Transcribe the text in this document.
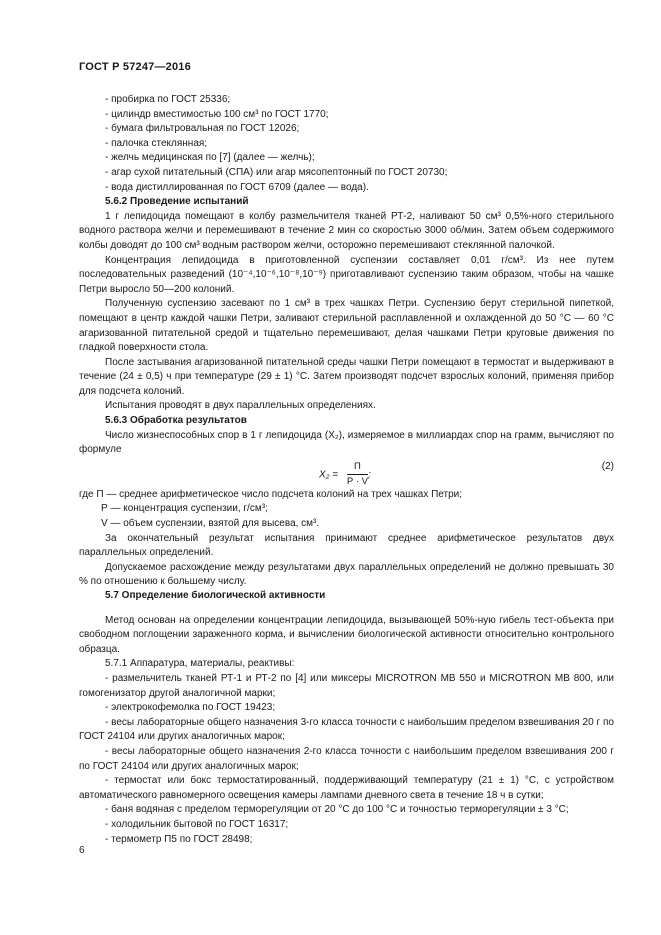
ГОСТ Р 57247—2016

- пробирка по ГОСТ 25336;

- цилиндр вместимостью 100 см³ по ГОСТ 1770;

- бумага фильтровальная по ГОСТ 12026;

- палочка стеклянная;

- желчь медицинская по [7] (далее — желчь);

- агар сухой питательный (СПА) или агар мясопептонный по ГОСТ 20730;

- вода дистиллированная по ГОСТ 6709 (далее — вода).

5.6.2 Проведение испытаний

1 г лепидоцида помещают в колбу размельчителя тканей РТ-2, наливают 50 см³ 0,5%-ного стерильного водного раствора желчи и перемешивают в течение 2 мин со скоростью 3000 об/мин. Затем объем содержимого колбы доводят до 100 см³ водным раствором желчи, осторожно перемешивают стеклянной палочкой.

Концентрация лепидоцида в приготовленной суспензии составляет 0,01 г/см³. Из нее путем последовательных разведений (10⁻⁴,10⁻⁶,10⁻⁸,10⁻⁹) приготавливают суспензию таким образом, чтобы на чашке Петри выросло 50—200 колоний.

Полученную суспензию засевают по 1 см³ в трех чашках Петри. Суспензию берут стерильной пипеткой, помещают в центр каждой чашки Петри, заливают стерильной расплавленной и охлажденной до 50 °С — 60 °С агаризованной питательной средой и тщательно перемешивают, делая чашками Петри круговые движения по гладкой поверхности стола.

После застывания агаризованной питательной среды чашки Петри помещают в термостат и выдерживают в течение (24 ± 0,5) ч при температуре (29 ± 1) °С. Затем производят подсчет взрослых колоний, применяя прибор для подсчета колоний.

Испытания проводят в двух параллельных определениях.

5.6.3 Обработка результатов

Число жизнеспособных спор в 1 г лепидоцида (X₂), измеряемое в миллиардах спор на грамм, вычисляют по формуле

$X_2 = \frac{П}{Р \cdot V}$ ;
(2)

где П — среднее арифметическое число подсчета колоний на трех чашках Петри;

Р — концентрация суспензии, г/см³;

V — объем суспензии, взятой для высева, см³.

За окончательный результат испытания принимают среднее арифметическое результатов двух параллельных определений.

Допускаемое расхождение между результатами двух параллельных определений не должно превышать 30 % по отношению к большему числу.

5.7 Определение биологической активности

Метод основан на определении концентрации лепидоцида, вызывающей 50%-ную гибель тест-объекта при свободном поглощении зараженного корма, и вычислении биологической активности относительно контрольного образца.

5.7.1 Аппаратура, материалы, реактивы:

- размельчитель тканей РТ-1 и РТ-2 по [4] или миксеры MICROTRON MB 550 и MICROTRON MB 800, или гомогенизатор другой аналогичной марки;

- электрокофемолка по ГОСТ 19423;

- весы лабораторные общего назначения 3-го класса точности с наибольшим пределом взвешивания 20 г по ГОСТ 24104 или других аналогичных марок;

- весы лабораторные общего назначения 2-го класса точности с наибольшим пределом взвешивания 200 г по ГОСТ 24104 или других аналогичных марок;

- термостат или бокс термостатированный, поддерживающий температуру (21 ± 1) °С, с устройством автоматического равномерного освещения камеры лампами дневного света в течение 18 ч в сутки;

- баня водяная с пределом терморегуляции от 20 °С до 100 °С и точностью терморегуляции ± 3 °С;

- холодильник бытовой по ГОСТ 16317;

- термометр П5 по ГОСТ 28498;

6
